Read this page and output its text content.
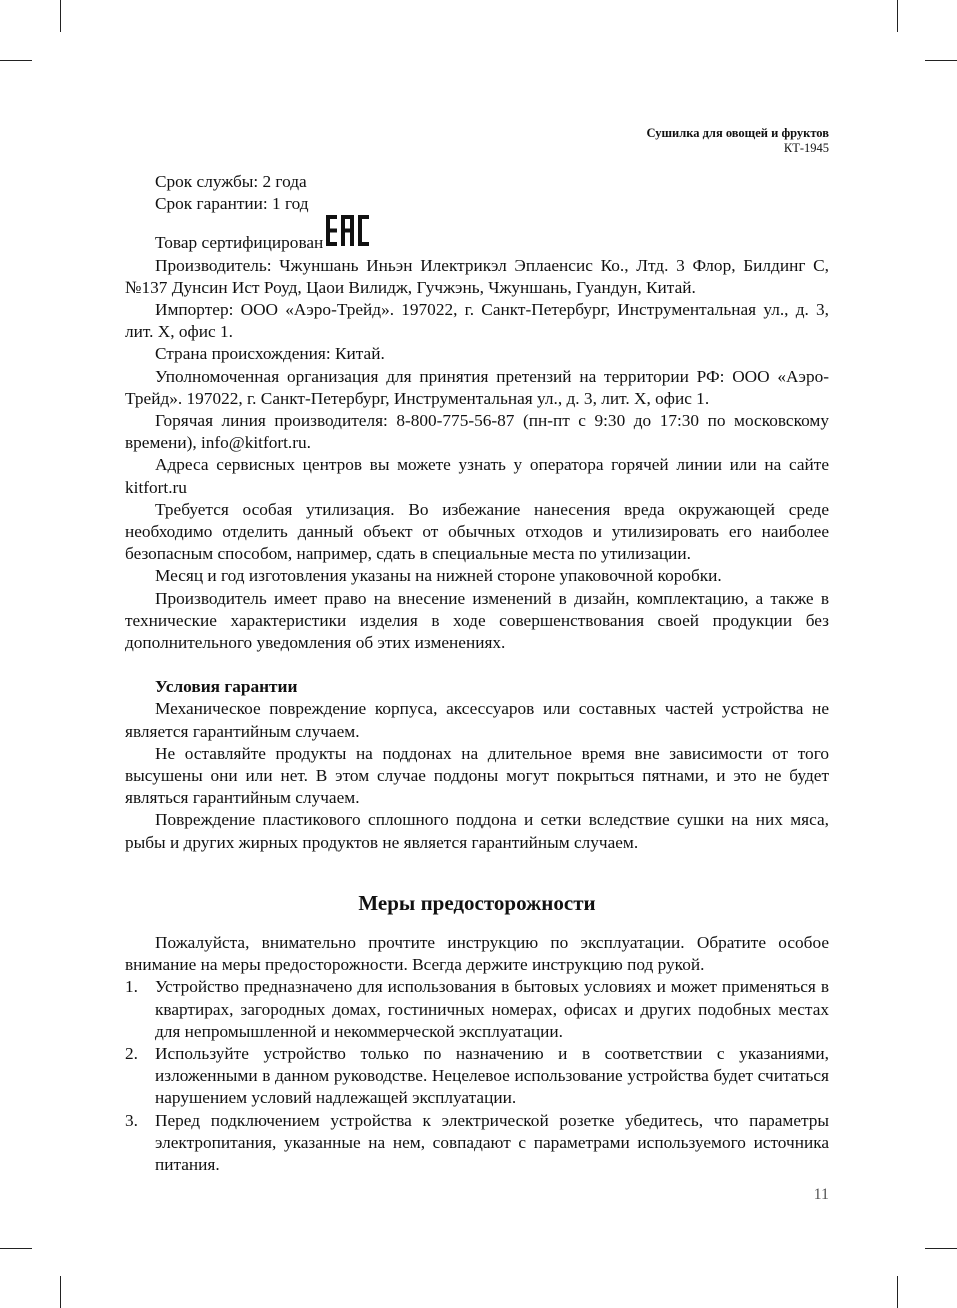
Сушилка для овощей и фруктов
КТ-1945

Срок службы: 2 года

Срок гарантии: 1 год

Товар сертифицирован

Производитель: Чжуншань Иньэн Илектрикэл Эплаенсис Ко., Лтд. 3 Флор, Билдинг С, №137 Дунсин Ист Роуд, Цаои Вилидж, Гучжэнь, Чжуншань, Гуандун, Китай.

Импортер: ООО «Аэро-Трейд». 197022, г. Санкт-Петербург, Инструментальная ул., д. 3, лит. Х, офис 1.

Страна происхождения: Китай.

Уполномоченная организация для принятия претензий на территории РФ: ООО «Аэро-Трейд». 197022, г. Санкт-Петербург, Инструментальная ул., д. 3, лит. Х, офис 1.

Горячая линия производителя: 8-800-775-56-87 (пн-пт с 9:30 до 17:30 по московскому времени), info@kitfort.ru.

Адреса сервисных центров вы можете узнать у оператора горячей линии или на сайте kitfort.ru

Требуется особая утилизация. Во избежание нанесения вреда окружающей среде необходимо отделить данный объект от обычных отходов и утилизировать его наиболее безопасным способом, например, сдать в специальные места по утилизации.

Месяц и год изготовления указаны на нижней стороне упаковочной коробки.

Производитель имеет право на внесение изменений в дизайн, комплектацию, а также в технические характеристики изделия в ходе совершенствования своей продукции без дополнительного уведомления об этих изменениях.

Условия гарантии

Механическое повреждение корпуса, аксессуаров или составных частей устройства не является гарантийным случаем.

Не оставляйте продукты на поддонах на длительное время вне зависимости от того высушены они или нет. В этом случае поддоны могут покрыться пятнами, и это не будет являться гарантийным случаем.

Повреждение пластикового сплошного поддона и сетки вследствие сушки на них мяса, рыбы и других жирных продуктов не является гарантийным случаем.

Меры предосторожности

Пожалуйста, внимательно прочтите инструкцию по эксплуатации. Обратите особое внимание на меры предосторожности. Всегда держите инструкцию под рукой.

1. Устройство предназначено для использования в бытовых условиях и может применяться в квартирах, загородных домах, гостиничных номерах, офисах и других подобных местах для непромышленной и некоммерческой эксплуатации.
2. Используйте устройство только по назначению и в соответствии с указаниями, изложенными в данном руководстве. Нецелевое использование устройства будет считаться нарушением условий надлежащей эксплуатации.
3. Перед подключением устройства к электрической розетке убедитесь, что параметры электропитания, указанные на нем, совпадают с параметрами используемого источника питания.
11
